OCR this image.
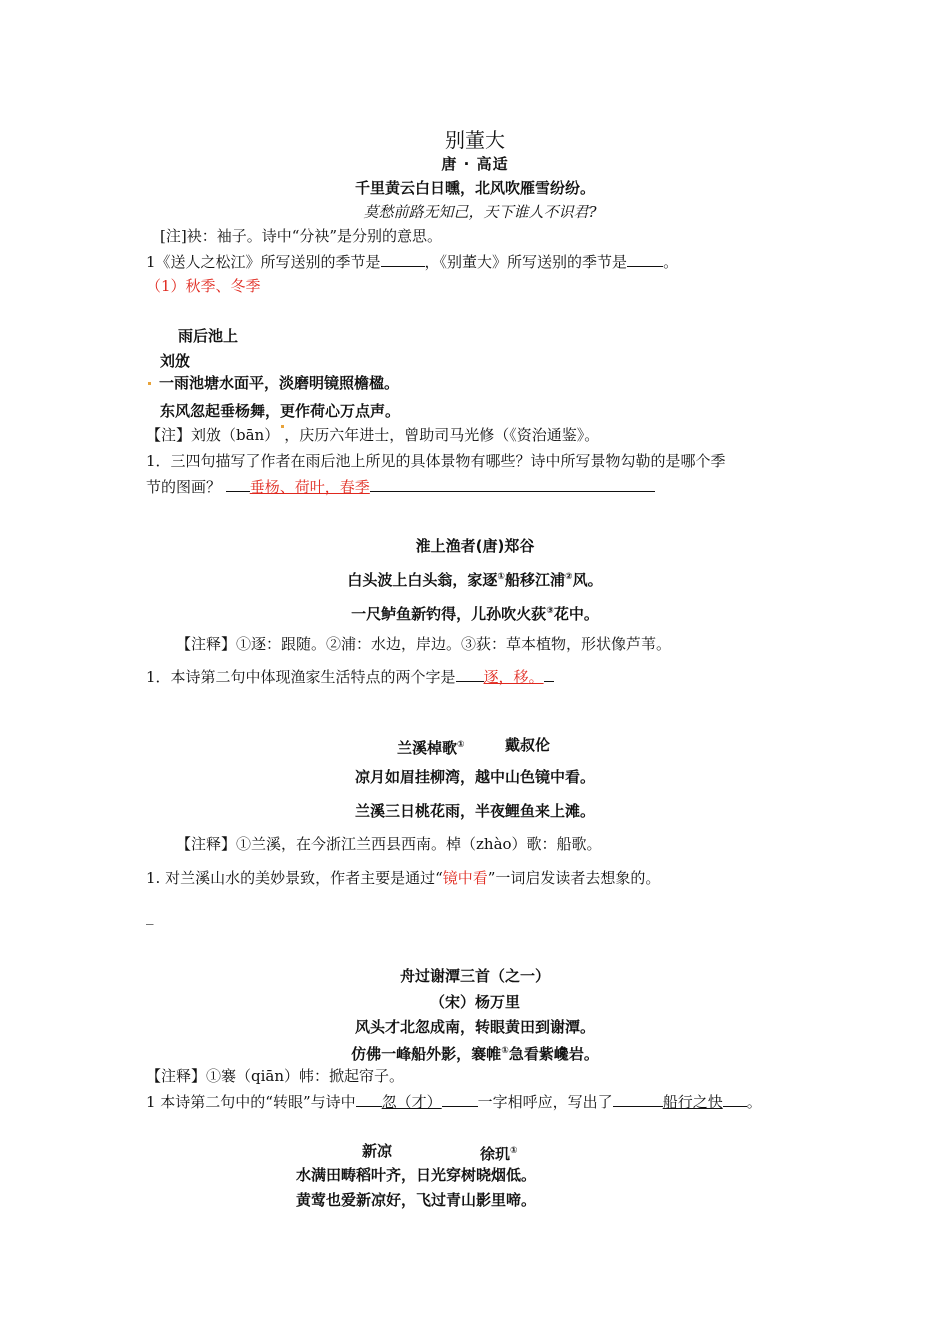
别董大
唐 · 高适
千里黄云白日曛，北风吹雁雪纷纷。
莫愁前路无知己，天下谁人不识君?
[注]袂：袖子。诗中“分袂”是分别的意思。
1《送人之松江》所写送别的季节是	，《别董大》所写送别的季节是 。
（1）秋季、冬季
雨后池上
刘攽
一雨池塘水面平，淡磨明镜照檐楹。
东风忽起垂杨舞，更作荷心万点声。
【注】刘攽（bān） ，庆历六年进士，曾助司马光修（《资治通鉴》。
1．三四句描写了作者在雨后池上所见的具体景物有哪些？诗中所写景物勾勒的是哪个季
节的图画？ 垂杨、荷叶，春季
淮上渔者(唐)郑谷
白头波上白头翁，家逐①船移江浦②风。
一尺鲈鱼新钓得，儿孙吹火荻③花中。
【注释】①逐：跟随。②浦：水边，岸边。③荻：草本植物，形状像芦苇。
1．本诗第二句中体现渔家生活特点的两个字是 逐，移。
兰溪棹歌①	戴叔伦
凉月如眉挂柳湾，越中山色镜中看。
兰溪三日桃花雨，半夜鲤鱼来上滩。
【注释】①兰溪，在今浙江兰西县西南。棹（zhào）歌：船歌。
1. 对兰溪山水的美妙景致，作者主要是通过“镜中看”一词启发读者去想象的。
_
舟过谢潭三首（之一）
（宋）杨万里
风头才北忽成南，转眼黄田到谢潭。
仿佛一峰船外影，褰帷①急看紫巉岩。
【注释】①褰（qiān）帏：掀起帘子。
1 本诗第二句中的“转眼”与诗中 忽（才） 一字相呼应，写出了	船行之快 。
新凉	徐玑①
水满田畴稻叶齐，日光穿树晓烟低。
黄莺也爱新凉好，飞过青山影里啼。
